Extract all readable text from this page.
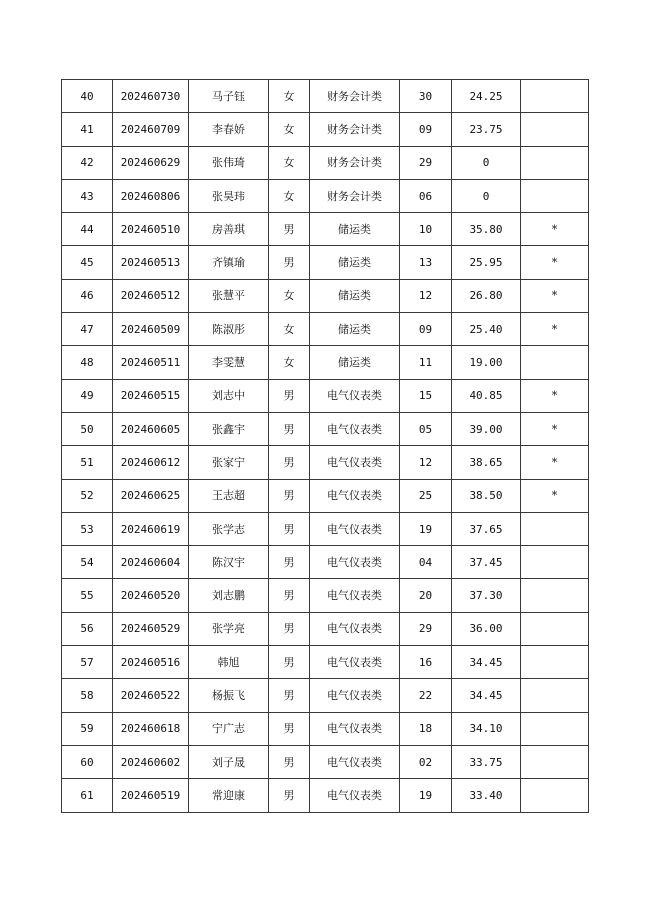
40	202460730	马子钰	女	财务会计类	30	24.25	
41	202460709	李春娇	女	财务会计类	09	23.75	
42	202460629	张伟琦	女	财务会计类	29	0	
43	202460806	张昊玮	女	财务会计类	06	0	
44	202460510	房善琪	男	储运类	10	35.80	*
45	202460513	齐镇瑜	男	储运类	13	25.95	*
46	202460512	张慧平	女	储运类	12	26.80	*
47	202460509	陈淑彤	女	储运类	09	25.40	*
48	202460511	李雯慧	女	储运类	11	19.00	
49	202460515	刘志中	男	电气仪表类	15	40.85	*
50	202460605	张鑫宇	男	电气仪表类	05	39.00	*
51	202460612	张家宁	男	电气仪表类	12	38.65	*
52	202460625	王志超	男	电气仪表类	25	38.50	*
53	202460619	张学志	男	电气仪表类	19	37.65	
54	202460604	陈汉宇	男	电气仪表类	04	37.45	
55	202460520	刘志鹏	男	电气仪表类	20	37.30	
56	202460529	张学亮	男	电气仪表类	29	36.00	
57	202460516	韩旭	男	电气仪表类	16	34.45	
58	202460522	杨振飞	男	电气仪表类	22	34.45	
59	202460618	宁广志	男	电气仪表类	18	34.10	
60	202460602	刘子晟	男	电气仪表类	02	33.75	
61	202460519	常迎康	男	电气仪表类	19	33.40	
